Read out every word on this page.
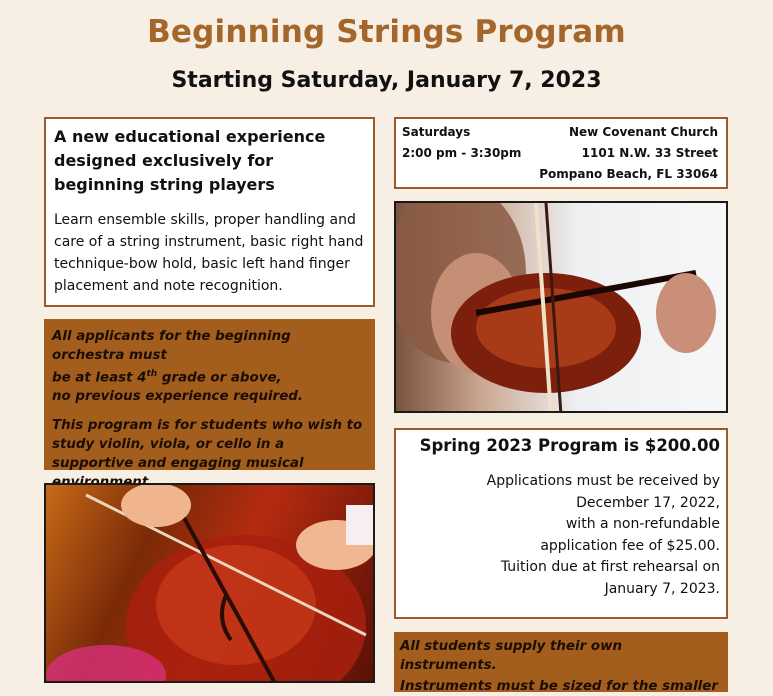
Beginning Strings Program
Starting Saturday, January 7, 2023
A new educational experience
designed exclusively for
beginning string players
Learn ensemble skills, proper handling and care of a string instrument, basic right hand technique-bow hold, basic left hand finger placement and note recognition.
All applicants for the beginning orchestra must
be at least 4th grade or above,
no previous experience required.
This program is for students who wish to study violin, viola, or cello in a supportive and engaging musical
Saturdays
2:00 pm - 3:30pm
New Covenant Church
1101 N.W. 33 Street
Pompano Beach, FL 33064
Spring 2023 Program is $200.00
Applications must be received by
December 17, 2022,
with a non-refundable
application fee of $25.00.
Tuition due at first rehearsal on
January 7, 2023.
All students supply their own instruments.
Instruments must be sized for the smaller
